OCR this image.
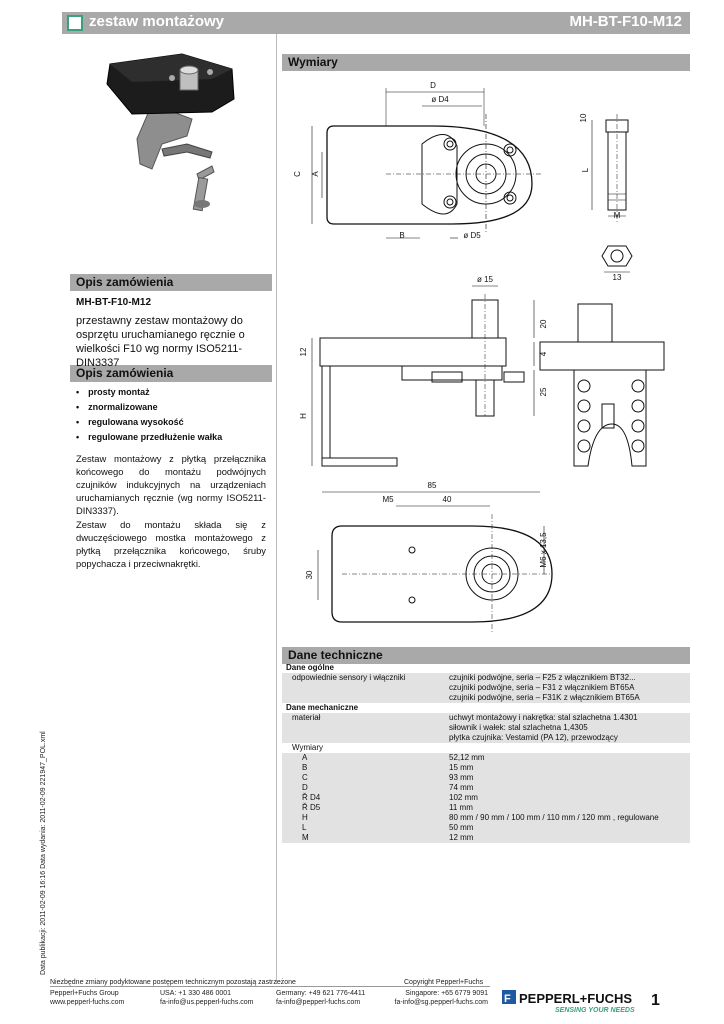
zestaw montażowy	MH-BT-F10-M12
Wymiary
Opis zamówienia
Opis zamówienia
Dane techniczne
MH-BT-F10-M12
przestawny zestaw montażowy do osprzętu uruchamianego ręcznie o wielkości F10 wg normy ISO5211-DIN3337
• prosty montaż
• znormalizowane
• regulowana wysokość
• regulowane przedłużenie wałka
Zestaw montażowy z płytką przełącznika końcowego do montażu podwójnych czujników indukcyjnych na urządzeniach uruchamianych ręcznie (wg normy ISO5211-DIN3337).
Zestaw do montażu składa się z dwuczęściowego mostka montażowego z płytką przełącznika końcowego, śruby popychacza i przeciwnakrętki.
D
ø D4
B	ø D5
C A
10
L
M
13
ø 15
20
4
25
12
H
85
M5	40
30
M6 x 13,5
Dane ogólne	
odpowiednie sensory i włączniki	czujniki podwójne, seria – F25 z włącznikiem BT32...
	czujniki podwójne, seria – F31 z włącznikiem BT65A
	czujniki podwójne, seria – F31K z włącznikiem BT65A
Dane mechaniczne	
materiał	uchwyt montażowy i nakrętka: stal szlachetna 1.4301
	siłownik i wałek: stal szlachetna 1,4305
	płytka czujnika: Vestamid (PA 12), przewodzący
Wymiary	
A	52,12 mm
B	15 mm
C	93 mm
D	74 mm
Ř D4	102 mm
Ř D5	11 mm
H	80 mm / 90 mm / 100 mm / 110 mm / 120 mm , regulowane
L	50 mm
M	12 mm
Data publikacji: 2011-02-09 16:16 Data wydania: 2011-02-09 221947_POL.xml
Niezbędne zmiany podyktowane postępem technicznym pozostają zastrzeżone	Copyright Pepperl+Fuchs
Pepperl+Fuchs Group
www.pepperl-fuchs.com
USA: +1 330 486 0001
fa-info@us.pepperl-fuchs.com
Germany: +49 621 776-4411
fa-info@pepperl-fuchs.com
Singapore: +65 6779 9091
fa-info@sg.pepperl-fuchs.com F PEPPERL+FUCHS
SENSING YOUR NEEDS
1
